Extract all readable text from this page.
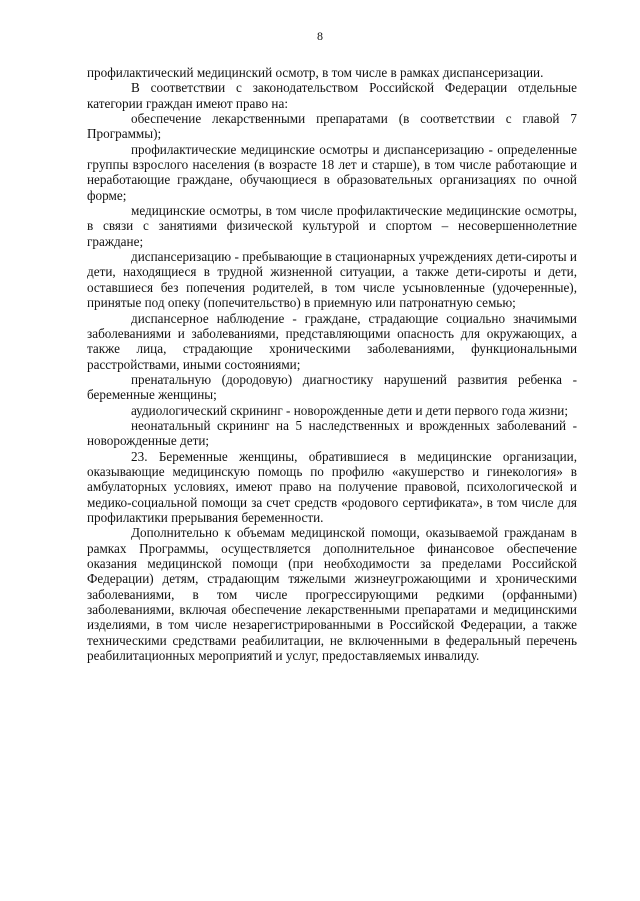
8

профилактический медицинский осмотр, в том числе в рамках диспансеризации.

В соответствии с законодательством Российской Федерации отдельные категории граждан имеют право на:

обеспечение лекарственными препаратами (в соответствии с главой 7 Программы);

профилактические медицинские осмотры и диспансеризацию - определенные группы взрослого населения (в возрасте 18 лет и старше), в том числе работающие и неработающие граждане, обучающиеся в образовательных организациях по очной форме;

медицинские осмотры, в том числе профилактические медицинские осмотры, в связи с занятиями физической культурой и спортом – несовершеннолетние граждане;

диспансеризацию - пребывающие в стационарных учреждениях дети-сироты и дети, находящиеся в трудной жизненной ситуации, а также дети-сироты и дети, оставшиеся без попечения родителей, в том числе усыновленные (удочеренные), принятые под опеку (попечительство) в приемную или патронатную семью;

диспансерное наблюдение - граждане, страдающие социально значимыми заболеваниями и заболеваниями, представляющими опасность для окружающих, а также лица, страдающие хроническими заболеваниями, функциональными расстройствами, иными состояниями;

пренатальную (дородовую) диагностику нарушений развития ребенка - беременные женщины;

аудиологический скрининг - новорожденные дети и дети первого года жизни;

неонатальный скрининг на 5 наследственных и врожденных заболеваний - новорожденные дети;

23. Беременные женщины, обратившиеся в медицинские организации, оказывающие медицинскую помощь по профилю «акушерство и гинекология» в амбулаторных условиях, имеют право на получение правовой, психологической и медико-социальной помощи за счет средств «родового сертификата», в том числе для профилактики прерывания беременности.

Дополнительно к объемам медицинской помощи, оказываемой гражданам в рамках Программы, осуществляется дополнительное финансовое обеспечение оказания медицинской помощи (при необходимости за пределами Российской Федерации) детям, страдающим тяжелыми жизнеугрожающими и хроническими заболеваниями, в том числе прогрессирующими редкими (орфанными) заболеваниями, включая обеспечение лекарственными препаратами и медицинскими изделиями, в том числе незарегистрированными в Российской Федерации, а также техническими средствами реабилитации, не включенными в федеральный перечень реабилитационных мероприятий и услуг, предоставляемых инвалиду.
